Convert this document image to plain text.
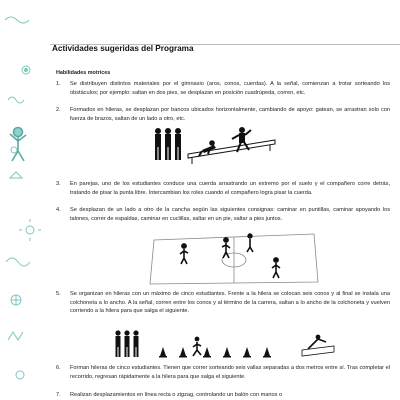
Actividades sugeridas del Programa
Habilidades motrices
1. Se distribuyen distintos materiales por el gimnasio (aros, conos, cuerdas). A la señal, comienzan a trotar sorteando los obstáculos; por ejemplo: saltan en dos pies, se desplazan en posición cuadrúpeda, corren, etc.
2. Formados en hileras, se desplazan por bancos ubicados horizontalmente, cambiando de apoyo: gatean, se arrastran solo con fuerza de brazos, saltan de un lado a otro, etc.
3. En parejas, uno de los estudiantes conduce una cuerda arrastrando un extremo por el suelo y el compañero corre detrás, tratando de pisar la punta libre. Intercambian los roles cuando el compañero logra pisar la cuerda.
4. Se desplazan de un lado a otro de la cancha según las siguientes consignas: caminar en puntillas, caminar apoyando los talones, correr de espaldas, caminar en cuclillas, saltar en un pie, saltar a pies juntos.
5. Se organizan en hileras con un máximo de cinco estudiantes. Frente a la hilera se colocan seis conos y al final se instala una colchoneta a lo ancho. A la señal, corren entre los conos y al término de la carrera, saltan a lo ancho de la colchoneta y vuelven corriendo a la hilera para que salga el siguiente.
6. Forman hileras de cinco estudiantes. Tienen que correr sorteando seis vallas separadas a dos metros entre sí. Tras completar el recorrido, regresan rápidamente a la hilera para que salga el siguiente.
7. Realizan desplazamientos en línea recta o zigzag, controlando un balón con manos o
